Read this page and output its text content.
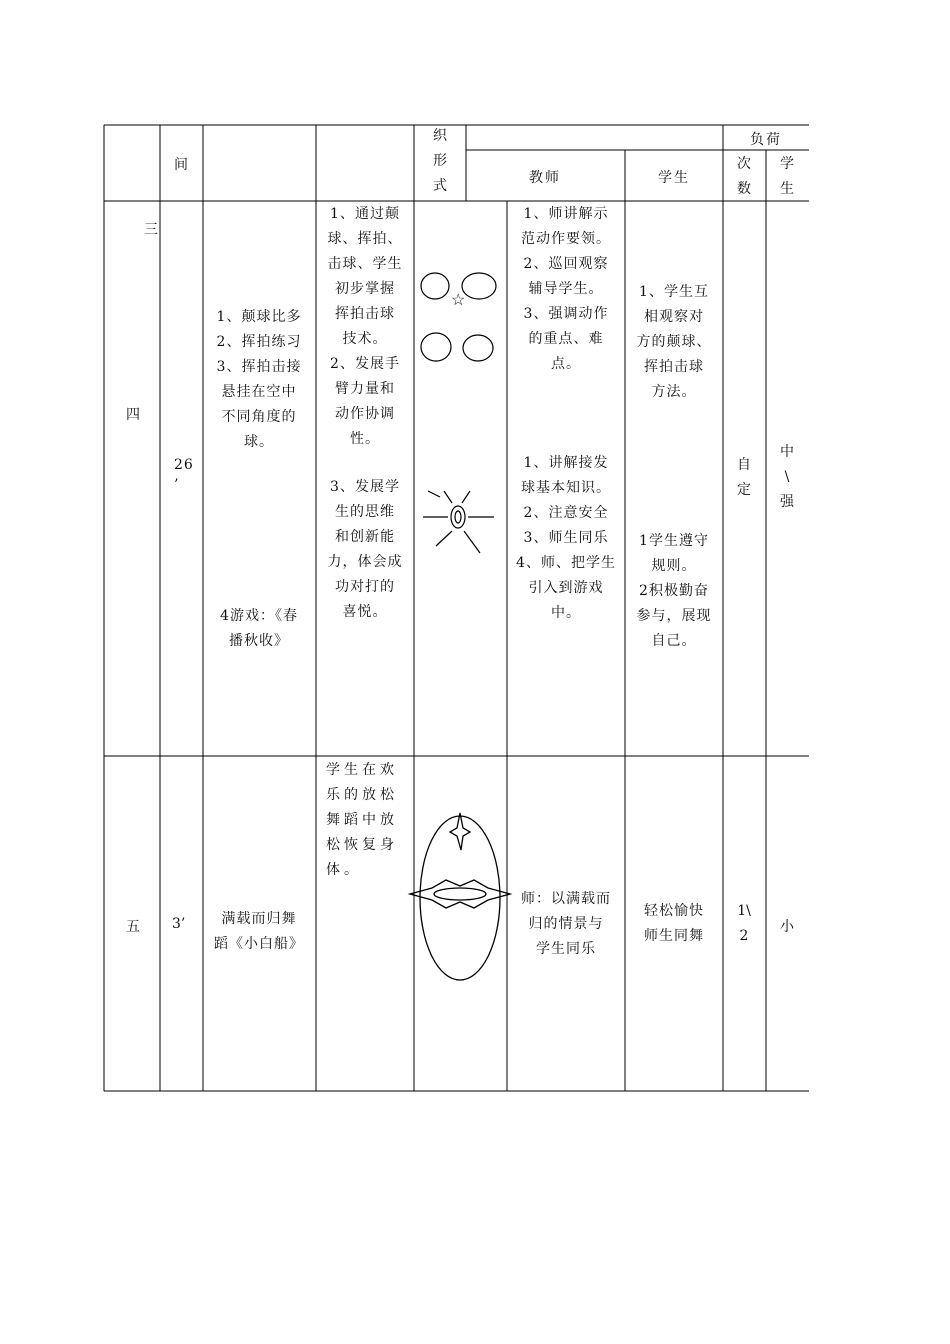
间
织
形
式
负荷
教师	学生
次
数
学
生
三
四
26
’
1、颠球比多
2、挥拍练习
3、挥拍击接
悬挂在空中
不同角度的
球。
4游戏：《春
播秋收》
1、通过颠
球、挥拍、
击球、学生
初步掌握
挥拍击球
技术。
2、发展手
臂力量和
动作协调
性。
3、发展学
生的思维
和创新能
力，体会成
功对打的
喜悦。
☆
1、师讲解示
范动作要领。
2、巡回观察
辅导学生。
3、强调动作
的重点、难
点。
1、讲解接发
球基本知识。
2、注意安全
3、师生同乐
4、师、把学生
引入到游戏
中。
1、学生互
相观察对
方的颠球、
挥拍击球
方法。
1学生遵守
规则。
2积极勤奋
参与，展现
自己。
自
定
中
\
强
五 3’	满载而归舞
蹈《小白船》
学生在欢
乐的放松
舞蹈中放
松恢复身
体。
师：以满载而
归的情景与
学生同乐
轻松愉快
师生同舞
1\
2
小
